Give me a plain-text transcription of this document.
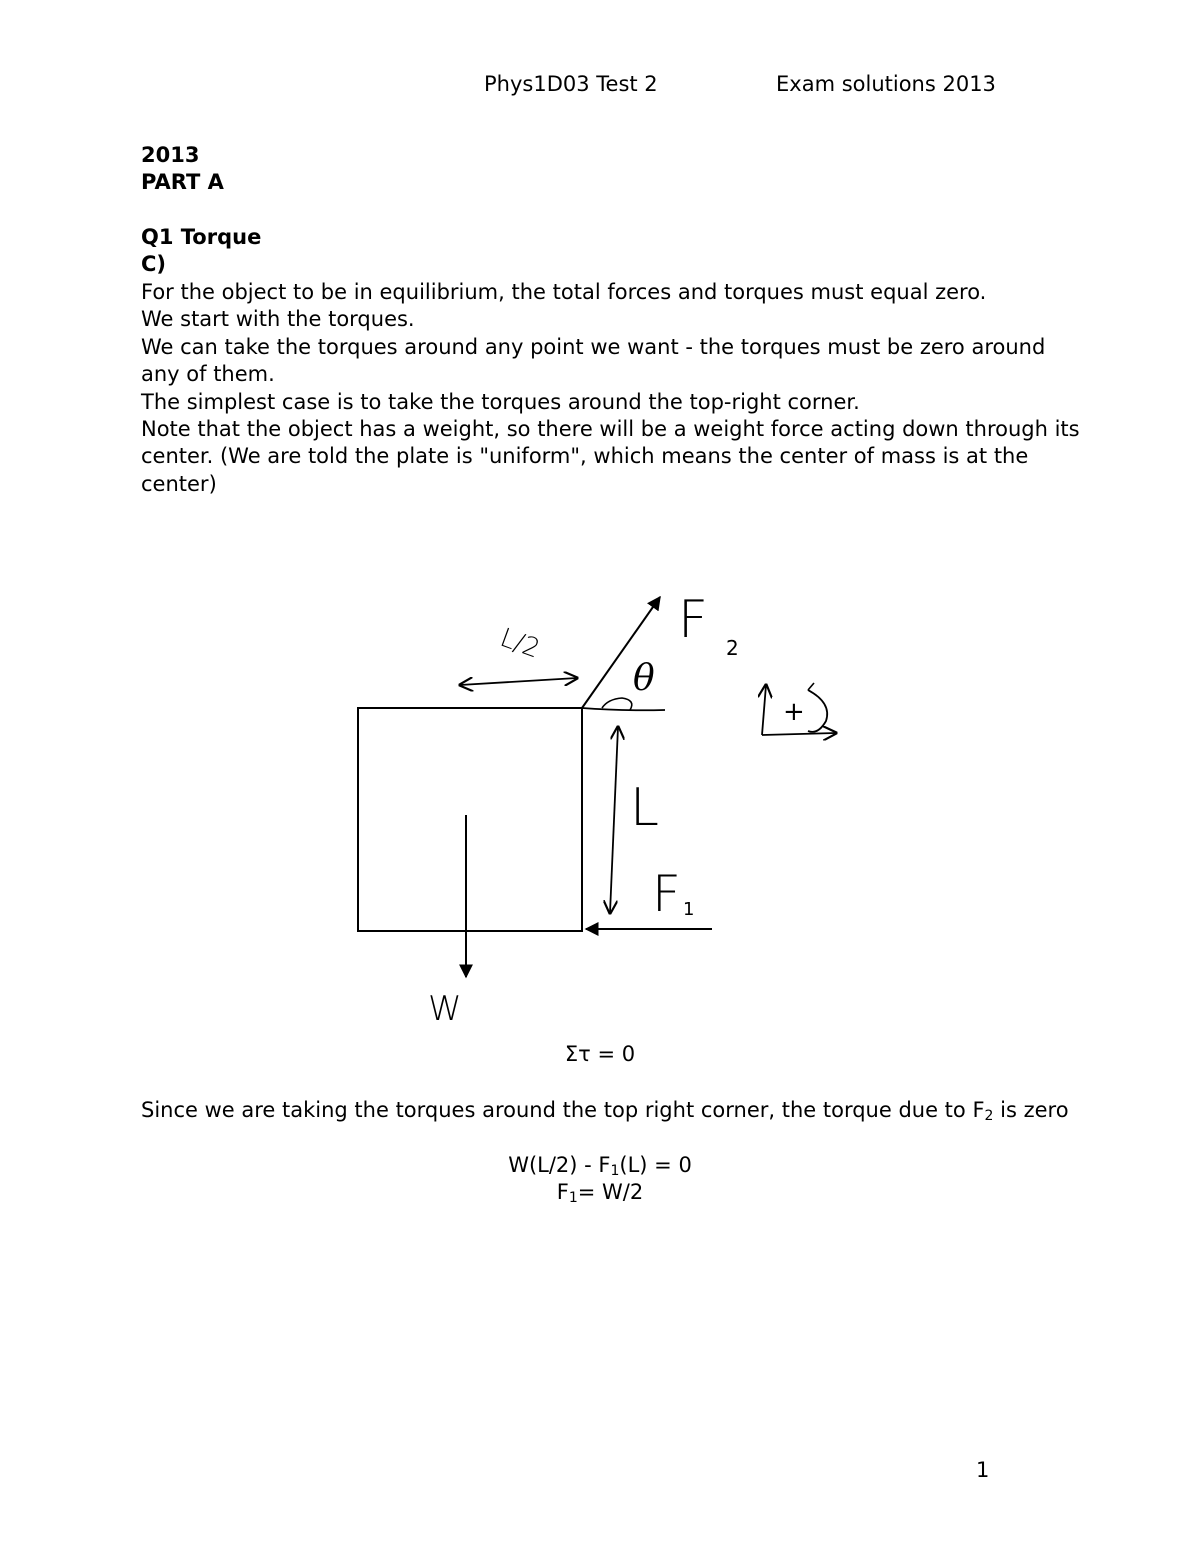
Phys1D03 Test 2	Exam solutions 2013
2013
PART A
Q1 Torque
C)

For the object to be in equilibrium, the total forces and torques must equal zero.

We start with the torques.

We can take the torques around any point we want - the torques must be zero around any of them.

The simplest case is to take the torques around the top-right corner.

Note that the object has a weight, so there will be a weight force acting down through its center. (We are told the plate is "uniform", which means the center of mass is at the center)

F 2
θ
L/2
L
F 1
W
+
Στ = 0
Since we are taking the torques around the top right corner, the torque due to $F_2$ is zero
$W(L/2) - F_1(L) = 0$
$F_1= W/2$
1
